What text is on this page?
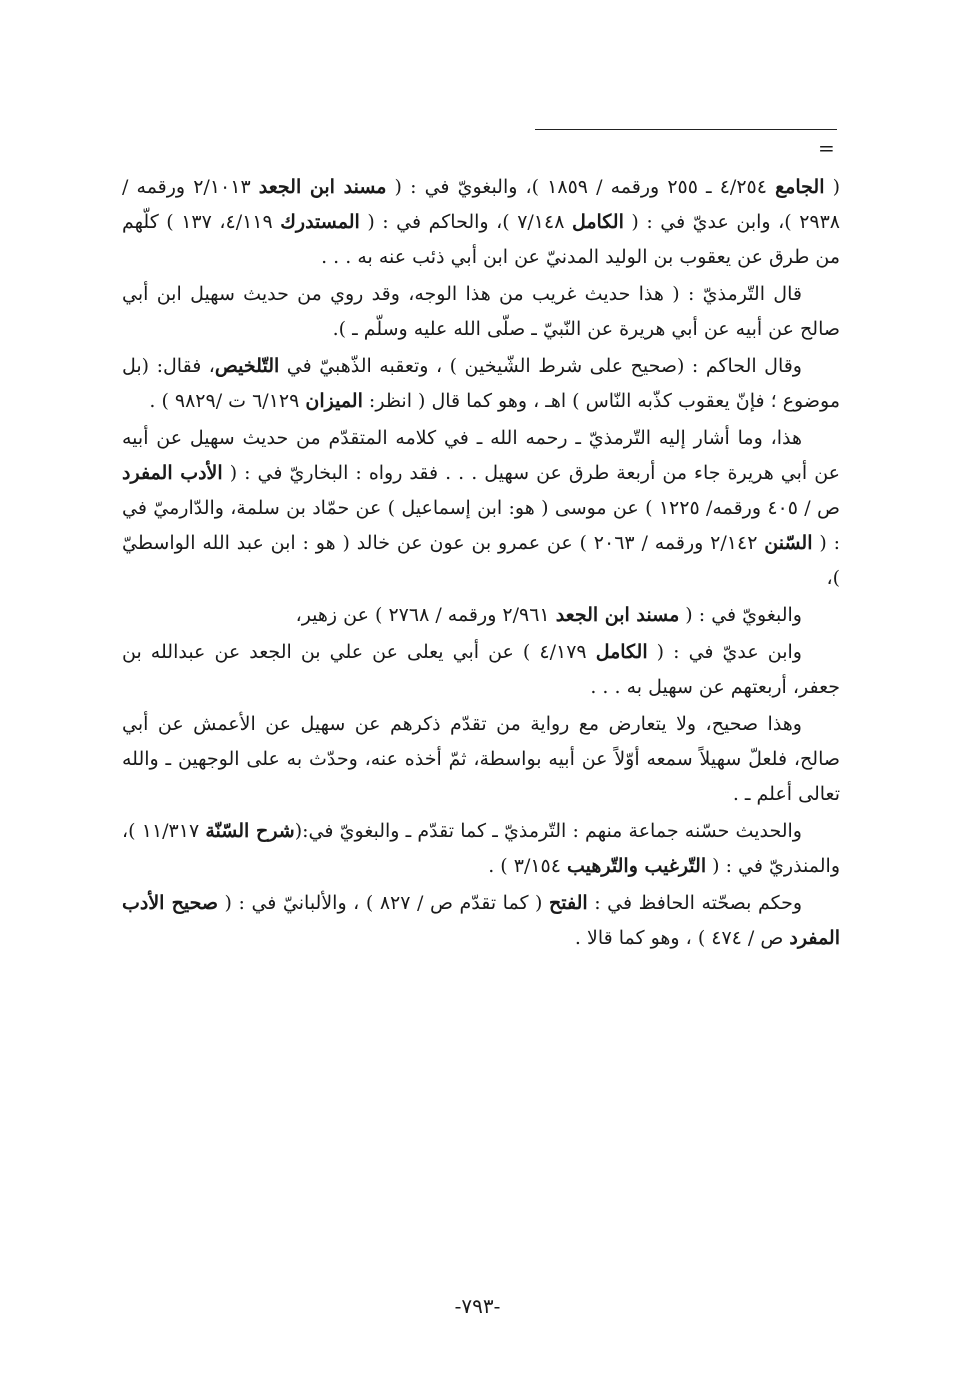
=

( الجامع ٤/٢٥٤ ـ ٢٥٥ ورقمه / ١٨٥٩ )، والبغويّ في : ( مسند ابن الجعد ٢/١٠١٣ ورقمه / ٢٩٣٨ )، وابن عديّ في : ( الكامل ٧/١٤٨ )، والحاكم في : ( المستدرك ٤/١١٩، ١٣٧ ) كلّهم من طرق عن يعقوب بن الوليد المدنيّ عن ابن أبي ذئب عنه به . . .

قال التّرمذيّ : ( هذا حديث غريب من هذا الوجه، وقد روي من حديث سهيل ابن أبي صالح عن أبيه عن أبي هريرة عن النّبيّ ـ صلّى الله عليه وسلّم ـ ).

وقال الحاكم : (صحيح على شرط الشّيخين ) ، وتعقبه الذّهبيّ في التّلخيص، فقال: (بل موضوع ؛ فإنّ يعقوب كذّبه النّاس ) اهـ ، وهو كما قال ( انظر: الميزان ٦/١٢٩ ت /٩٨٢٩ ) .

هذا، وما أشار إليه التّرمذيّ ـ رحمه الله ـ في كلامه المتقدّم من حديث سهيل عن أبيه عن أبي هريرة جاء من أربعة طرق عن سهيل . . . فقد رواه : البخاريّ في : ( الأدب المفرد ص / ٤٠٥ ورقمه/ ١٢٢٥ ) عن موسى ( هو: ابن إسماعيل ) عن حمّاد بن سلمة، والدّارميّ في : ( السّنن ٢/١٤٢ ورقمه / ٢٠٦٣ ) عن عمرو بن عون عن خالد ( هو : ابن عبد الله الواسطيّ )،

والبغويّ في : ( مسند ابن الجعد ٢/٩٦١ ورقمه / ٢٧٦٨ ) عن زهير،

وابن عديّ في : ( الكامل ٤/١٧٩ ) عن أبي يعلى عن علي بن الجعد عن عبدالله بن جعفر، أربعتهم عن سهيل به . . .

وهذا صحيح، ولا يتعارض مع رواية من تقدّم ذكرهم عن سهيل عن الأعمش عن أبي صالح، فلعلّ سهيلاً سمعه أوّلاً عن أبيه بواسطة، ثمّ أخذه عنه، وحدّث به على الوجهين ـ والله تعالى أعلم ـ .

والحديث حسّنه جماعة منهم : التّرمذيّ ـ كما تقدّم ـ والبغويّ في:(شرح السّنّة ١١/٣١٧ )، والمنذريّ في : ( التّرغيب والتّرهيب ٣/١٥٤ ) .

وحكم بصحّته الحافظ في : الفتح ( كما تقدّم ص / ٨٢٧ ) ، والألبانيّ في : ( صحيح الأدب المفرد ص / ٤٧٤ ) ، وهو كما قالا .

-٧٩٣-
